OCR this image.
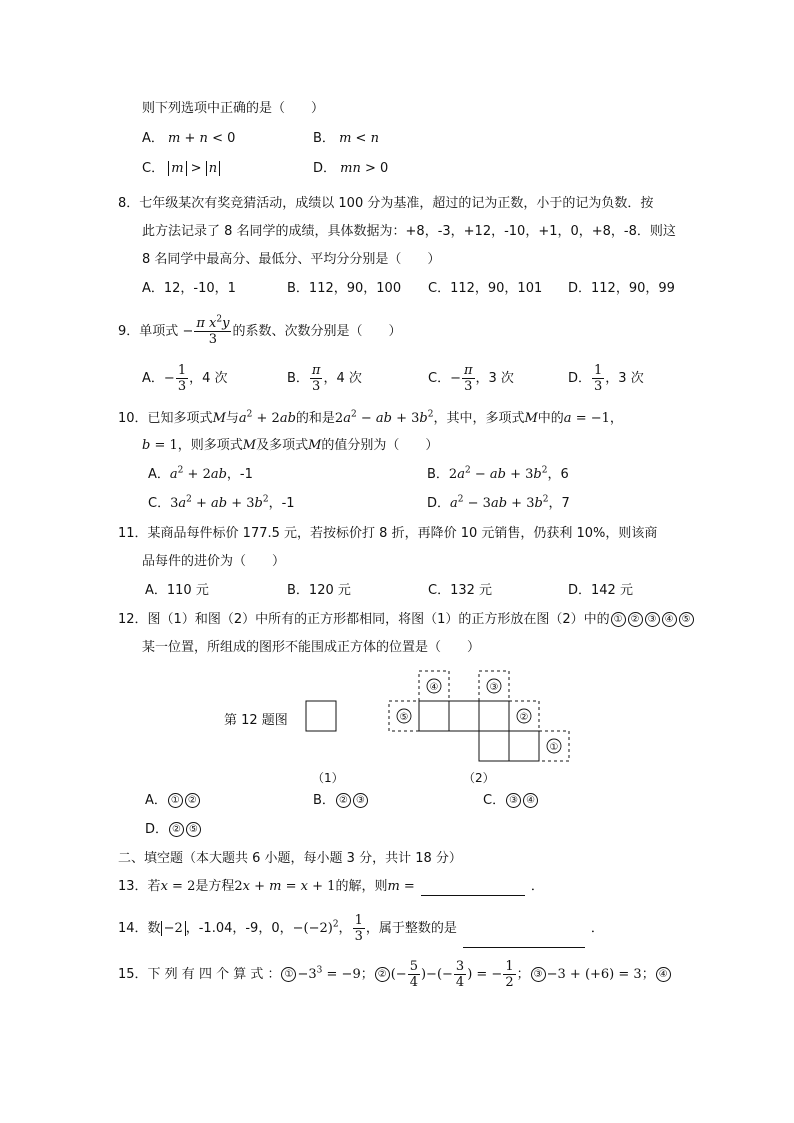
则下列选项中正确的是（　　）
A． m + n < 0	B． m < n
C． m > n	D． mn > 0
8．七年级某次有奖竞猜活动，成绩以 100 分为基准，超过的记为正数，小于的记为负数．按
此方法记录了 8 名同学的成绩，具体数据为：+8，-3，+12，-10，+1，0，+8，-8．则这
8 名同学中最高分、最低分、平均分分别是（　　）
A．12，-10，1	B．112，90，100 C．112，90，101 D．112，90，99
9．单项式 − $\frac{\pi x^2y}{3}$ 的系数、次数分别是（　　）
A．− $\frac{1}{3}$ ，4 次	B． $\frac{\pi}{3}$ ，4 次	C．− $\frac{\pi}{3}$ ，3 次	D． $\frac{1}{3}$ ，3 次
10．已知多项式M与$a^2 + 2ab$的和是$2a^2$ − ab + $3b^2$，其中，多项式M中的a = −1，
b = 1，则多项式M及多项式M的值分别为（　　）
A．$a^2 + 2ab$，-1	B．$2a^2$ − ab + $3b^2$，6
C．$3a^2$ + ab + $3b^2$，-1	D．$a^2 - 3ab + 3b^2$，7
11．某商品每件标价 177.5 元，若按标价打 8 折，再降价 10 元销售，仍获利 10%，则该商
品每件的进价为（　　）
A．110 元	B．120 元	C．132 元	D．142 元
12．图（1）和图（2）中所有的正方形都相同，将图（1）的正方形放在图（2）中的 ① ② ③ ④ ⑤
某一位置，所组成的图形不能围成正方体的位置是（　　）
第 12 题图
（1）
④	③
⑤	②
①
（2）
A． ① ②	B． ② ③	C． ③ ④
D． ② ⑤
二、填空题（本大题共 6 小题，每小题 3 分，共计 18 分）
13．若x = 2是方程2x + m = x + 1的解，则m =	．
14．数 −2 ，-1.04，-9，0，$-(-2)^2$， $\frac{1}{3}$ ，属于整数的是	．
15．下 列 有 四 个 算 式 ： ① $-3^3 = -9$； ② (− $\frac{5}{4}$ )−(− $\frac{3}{4}$ ) = − $\frac{1}{2}$ ； ③ −3 + (+6) = 3； ④
